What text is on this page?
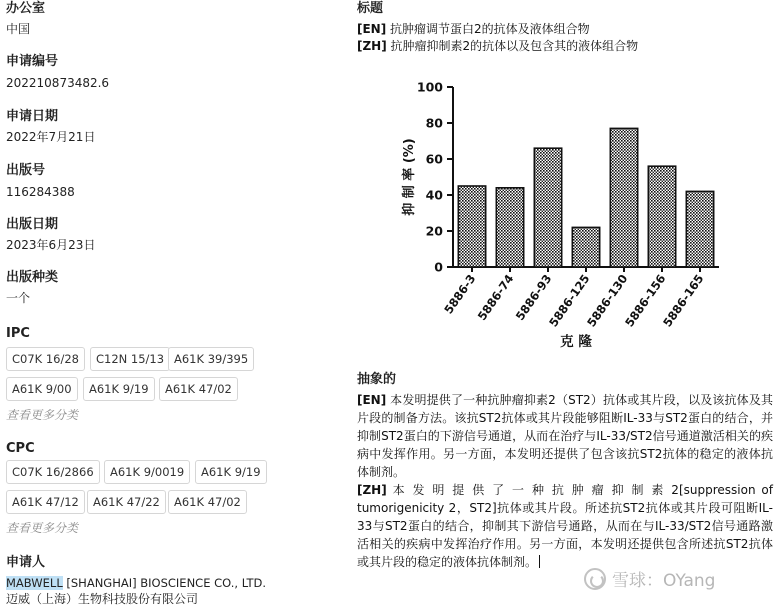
办公室
中国
申请编号
202210873482.6
申请日期
2022年7月21日
出版号
116284388
出版日期
2023年6月23日
出版种类
一个
IPC
C07K 16/28	C12N 15/13 A61K 39/395
A61K 9/00	A61K 9/19	A61K 47/02
查看更多分类
CPC
C07K 16/2866	A61K 9/0019	A61K 9/19
A61K 47/12	A61K 47/22	A61K 47/02
查看更多分类
申请人
MABWELL [SHANGHAI] BIOSCIENCE CO., LTD.
迈威（上海）生物科技股份有限公司
标题
[EN] 抗肿瘤调节蛋白2的抗体及液体组合物
[ZH] 抗肿瘤抑制素2的抗体以及包含其的液体组合物
0
20
40
60
80
100
抑 制 率 (%)
5886-3
5886-74
5886-93
5886-125
5886-130
5886-156
5886-165
克 隆
抽象的
[EN] 本发明提供了一种抗肿瘤抑素2（ST2）抗体或其片段，以及该抗体及其片段的制备方法。该抗ST2抗体或其片段能够阻断IL-33与ST2蛋白的结合，并抑制ST2蛋白的下游信号通道，从而在治疗与IL-33/ST2信号通道激活相关的疾病中发挥作用。另一方面，本发明还提供了包含该抗ST2抗体的稳定的液体抗体制剂。
[ZH] 本 发 明 提 供 了 一 种 抗 肿 瘤 抑 制 素 2[suppression of tumorigenicity 2，ST2]抗体或其片段。所述抗ST2抗体或其片段可阻断IL-33与ST2蛋白的结合，抑制其下游信号通路，从而在与IL-33/ST2信号通路激活相关的疾病中发挥治疗作用。另一方面，本发明还提供包含所述抗ST2抗体或其片段的稳定的液体抗体制剂。
雪球：OYang
